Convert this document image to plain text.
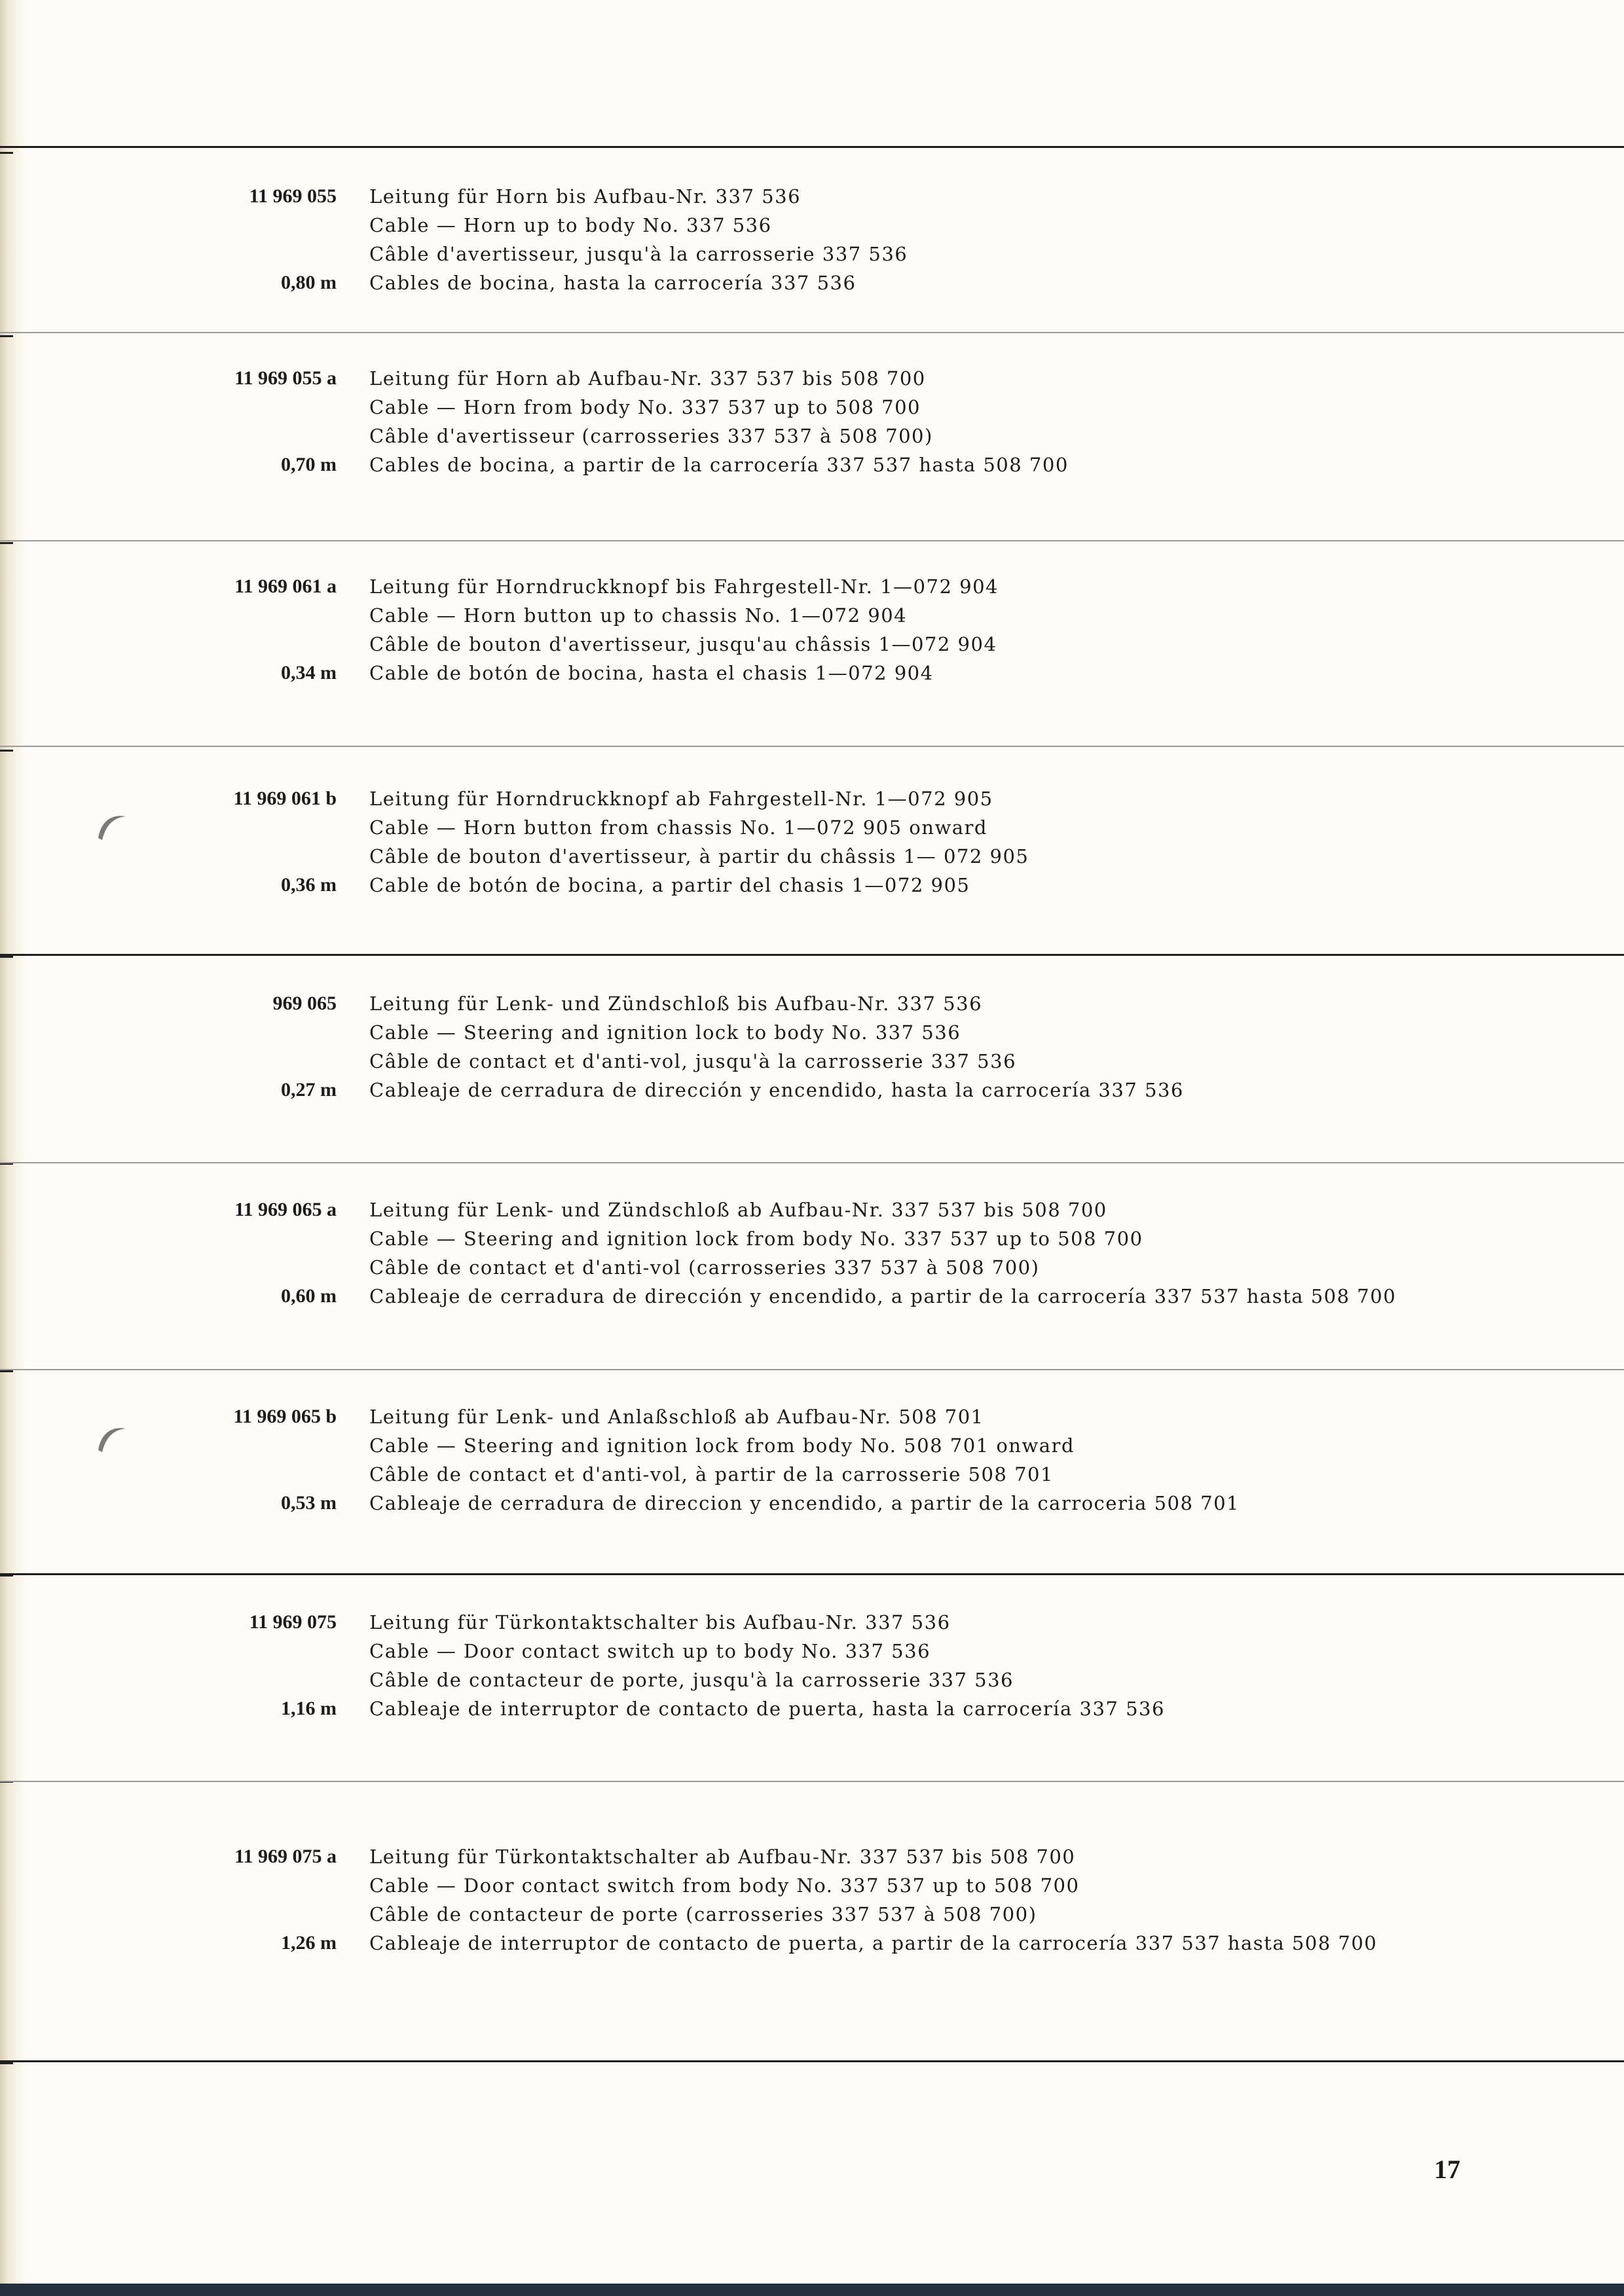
11 969 055 Leitung für Horn bis Aufbau-Nr. 337 536
Cable — Horn up to body No. 337 536
Câble d'avertisseur, jusqu'à la carrosserie 337 536
Cables de bocina, hasta la carrocería 337 536
0,80 m
11 969 055 a Leitung für Horn ab Aufbau-Nr. 337 537 bis 508 700
Cable — Horn from body No. 337 537 up to 508 700
Câble d'avertisseur (carrosseries 337 537 à 508 700)
Cables de bocina, a partir de la carrocería 337 537 hasta 508 700
0,70 m
11 969 061 a Leitung für Horndruckknopf bis Fahrgestell-Nr. 1—072 904
Cable — Horn button up to chassis No. 1—072 904
Câble de bouton d'avertisseur, jusqu'au châssis 1—072 904
Cable de botón de bocina, hasta el chasis 1—072 904
0,34 m
11 969 061 b Leitung für Horndruckknopf ab Fahrgestell-Nr. 1—072 905
Cable — Horn button from chassis No. 1—072 905 onward
Câble de bouton d'avertisseur, à partir du châssis 1— 072 905
Cable de botón de bocina, a partir del chasis 1—072 905
0,36 m
969 065 Leitung für Lenk- und Zündschloß bis Aufbau-Nr. 337 536
Cable — Steering and ignition lock to body No. 337 536
Câble de contact et d'anti-vol, jusqu'à la carrosserie 337 536
Cableaje de cerradura de dirección y encendido, hasta la carrocería 337 536
0,27 m
11 969 065 a Leitung für Lenk- und Zündschloß ab Aufbau-Nr. 337 537 bis 508 700
Cable — Steering and ignition lock from body No. 337 537 up to 508 700
Câble de contact et d'anti-vol (carrosseries 337 537 à 508 700)
Cableaje de cerradura de dirección y encendido, a partir de la carrocería 337 537 hasta 508 700
0,60 m
11 969 065 b Leitung für Lenk- und Anlaßschloß ab Aufbau-Nr. 508 701
Cable — Steering and ignition lock from body No. 508 701 onward
Câble de contact et d'anti-vol, à partir de la carrosserie 508 701
Cableaje de cerradura de direccion y encendido, a partir de la carroceria 508 701
0,53 m
11 969 075 Leitung für Türkontaktschalter bis Aufbau-Nr. 337 536
Cable — Door contact switch up to body No. 337 536
Câble de contacteur de porte, jusqu'à la carrosserie 337 536
Cableaje de interruptor de contacto de puerta, hasta la carrocería 337 536
1,16 m
11 969 075 a Leitung für Türkontaktschalter ab Aufbau-Nr. 337 537 bis 508 700
Cable — Door contact switch from body No. 337 537 up to 508 700
Câble de contacteur de porte (carrosseries 337 537 à 508 700)
Cableaje de interruptor de contacto de puerta, a partir de la carrocería 337 537 hasta 508 700
1,26 m
17
